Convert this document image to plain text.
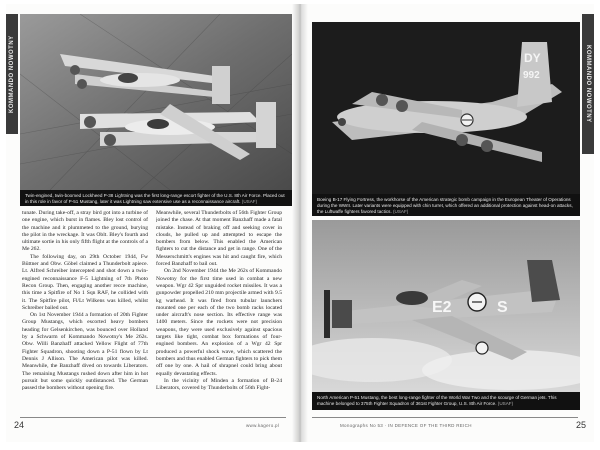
KOMMANDO NOWOTNY
Twin-engined, twin-boomed Lockheed P-38 Lightning was the first long-range escort fighter of the U.S. 8th Air Force. Placed out in this role in favor of P-51 Mustang, later it was Lightning saw extensive use as a reconnaissance aircraft. (USAF)

tunate. During take-off, a stray bird got into a turbine of one engine, which burst in flames. Bley lost control of the machine and it plummeted to the ground, burying the pilot in the wreckage. It was Oblt. Bley's fourth and ultimate sortie in his only fifth flight at the controls of a Me 262.

The following day, on 29th October 1944, Fw Büttner and Obw. Göbel claimed a Thunderbolt apiece. Lt. Alfred Schreiber intercepted and shot down a twin-engined reconnaissance F-5 Lightning of 7th Photo Recon Group. Then, engaging another recce machine, this time a Spitfire of No 1 Sqn RAF, he collided with it. The Spitfire pilot, Fl/Lt Wilkens was killed, whilst Schreiber bailed out.

On 1st November 1944 a formation of 20th Fighter Group Mustangs, which escorted heavy bombers heading for Gelsenkirchen, was bounced over Holland by a Schwarm of Kommando Nowotny's Me 262s. Obw. Willi Banzhaff attacked Yellow Flight of 77th Fighter Squadron, shooting down a P-51 flown by Lt Dennis J Allison. The American pilot was killed. Meanwhile, the Banzhaff dived on towards Liberators. The remaining Mustangs rushed down after him in hot pursuit but some quickly outdistanced. The German passed the bombers without opening fire.

Meanwhile, several Thunderbolts of 56th Fighter Group joined the chase. At that moment Banzhaff made a fatal mistake. Instead of braking off and seeking cover in clouds, he pulled up and attempted to escape the bombers from below. This enabled the American fighters to cut the distance and get in range. One of the Messerschmitt's engines was hit and caught fire, which forced Banzhaff to bail out.

On 2nd November 1944 the Me 262s of Kommando Nowotny for the first time used in combat a new weapon. Wgr 42 Spr unguided rocket missiles. It was a gunpowder propelled 210 mm projectile armed with 9.5 kg warhead. It was fired from tubular launchers mounted one per each of the two bomb racks located under aircraft's nose section. Its effective range was 1400 meters. Since the rockets were not precision weapons, they were used exclusively against spacious targets like tight, combat box formations of four-engined bombers. An explosion of a Wgr 42 Spr produced a powerful shock wave, which scattered the bombers and thus enabled German fighters to pick them off one by one. A hail of shrapnel could bring about equally devastating effects.

In the vicinity of Minden a formation of B-24 Liberators, covered by Thunderbolts of 56th Fight-

24	www.kagero.pl
KOMMANDO NOWOTNY
DY
992
Boeing B-17 Flying Fortress, the workhorse of the American strategic bomb campaign in the European Theater of Operations during the WWII. Later variants were equipped with chin turret, which offered an additional protection against head-on attacks, the Luftwaffe fighters favored tactics. (USAF)
E2	S
North American P-51 Mustang, the best long-range fighter of the World War Two and the scourge of German jets. This machine belonged to 375th Fighter Squadron of 361st Fighter Group, U.S. 8th Air Force. (USAF)
Monographs No 53 · IN DEFENCE OF THE THIRD REICH	25
